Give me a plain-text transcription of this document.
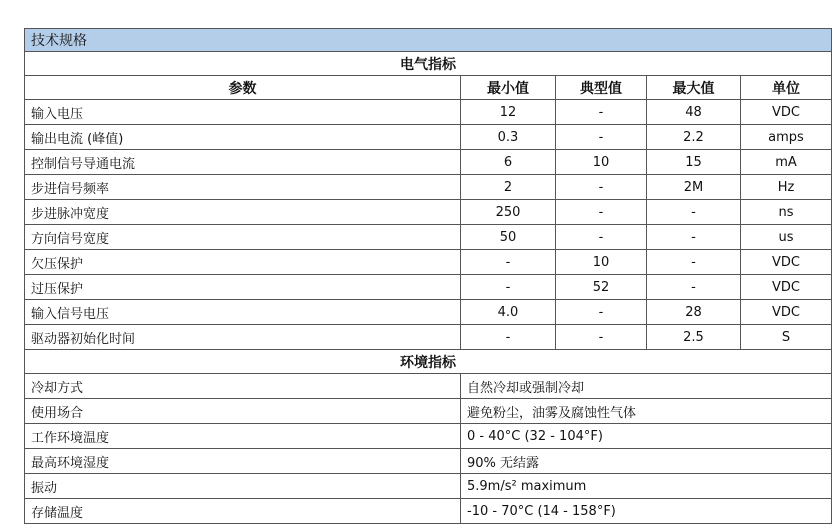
技术规格				
电气指标				
参数	最小值	典型值	最大值	单位
输入电压	12	-	48	VDC
输出电流 (峰值)	0.3	-	2.2	amps
控制信号导通电流	6	10	15	mA
步进信号频率	2	-	2M	Hz
步进脉冲宽度	250	-	-	ns
方向信号宽度	50	-	-	us
欠压保护	-	10	-	VDC
过压保护	-	52	-	VDC
输入信号电压	4.0	-	28	VDC
驱动器初始化时间	-	-	2.5	S
环境指标				
冷却方式	自然冷却或强制冷却			
使用场合	避免粉尘，油雾及腐蚀性气体			
工作环境温度	0 - 40°C (32 - 104°F)			
最高环境湿度	90% 无结露			
振动	5.9m/s² maximum			
存储温度	-10 - 70°C (14 - 158°F)			
